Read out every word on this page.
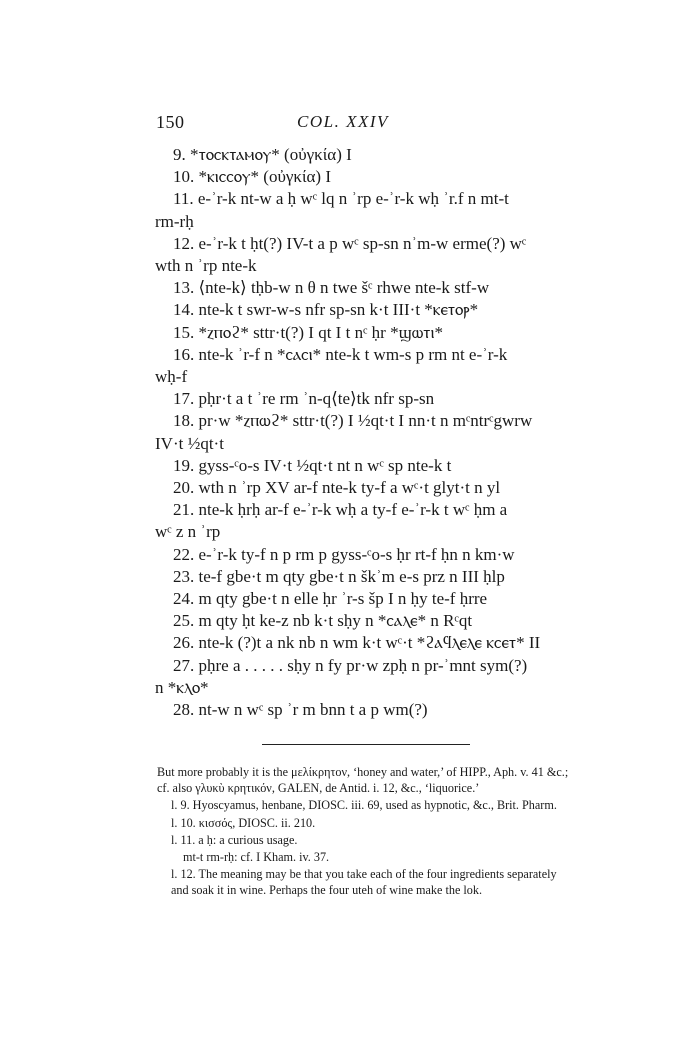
150	COL. XXIV
9. *ⲧⲟⲥⲕⲧⲁⲙⲟⲩ* (οὐγκία) I
10. *ⲕⲓⲥⲥⲟⲩ* (οὐγκία) I
11. e-ʾr-k nt-w a ḥ wᶜ lq n ʾrp e-ʾr-k wḥ ʾr.f n mt-t
rm-rḥ
12. e-ʾr-k t ḥt(?) IV-t a p wᶜ sp-sn nʾm-w erme(?) wᶜ
wth n ʾrp nte-k
13. ⟨nte-k⟩ tḥb-w n θ n twe šᶜ rhwe nte-k stf-w
14. nte-k t swr-w-s nfr sp-sn k·t III·t *ⲕⲉⲧⲟⲣ*
15. *ⲍⲡⲟϩ* sttr·t(?) I qt I t nᶜ ḥr *ϣⲱⲧⲓ*
16. nte-k ʾr-f n *ⲥⲁⲥⲓ* nte-k t wm-s p rm nt e-ʾr-k
wḥ-f
17. pḥr·t a t ʾre rm ʾn-q⟨te⟩tk nfr sp-sn
18. pr·w *ⲍⲡⲱϩ* sttr·t(?) I ½qt·t I nn·t n mᶜntrᶜgwrw
IV·t ½qt·t
19. gyss-ᶜo-s IV·t ½qt·t nt n wᶜ sp nte-k t
20. wth n ʾrp XV ar-f nte-k ty-f a wᶜ·t glyt·t n yl
21. nte-k ḥrḥ ar-f e-ʾr-k wḥ a ty-f e-ʾr-k t wᶜ ḥm a
wᶜ z n ʾrp
22. e-ʾr-k ty-f n p rm p gyss-ᶜo-s ḥr rt-f ḥn n km·w
23. te-f gbe·t m qty gbe·t n škʾm e-s prz n III ḥlp
24. m qty gbe·t n elle ḥr ʾr-s šp I n ḥy te-f ḥrre
25. m qty ḥt ke-z nb k·t sḥy n *ⲥⲁⲗⲉ* n Rᶜqt
26. nte-k (?)t a nk nb n wm k·t wᶜ·t *ϩⲁϥⲗⲉⲗⲉ ⲕⲥⲉⲧ* II
27. pḥre a . . . . . sḥy n fy pr·w zpḥ n pr-ʾmnt sym(?)
n *ⲕⲗⲟ*
28. nt-w n wᶜ sp ʾr m bnn t a p wm(?)

But more probably it is the μελίκρητον, ‘honey and water,’ of HIPP., Aph. v. 41 &c.; cf. also γλυκὺ κρητικόν, GALEN, de Antid. i. 12, &c., ‘liquorice.’

l. 9. Hyoscyamus, henbane, DIOSC. iii. 69, used as hypnotic, &c., Brit. Pharm.

l. 10. κισσός, DIOSC. ii. 210.

l. 11. a ḥ: a curious usage.

mt-t rm-rḥ: cf. I Kham. iv. 37.

l. 12. The meaning may be that you take each of the four ingredients separately and soak it in wine. Perhaps the four uteh of wine make the lok.
